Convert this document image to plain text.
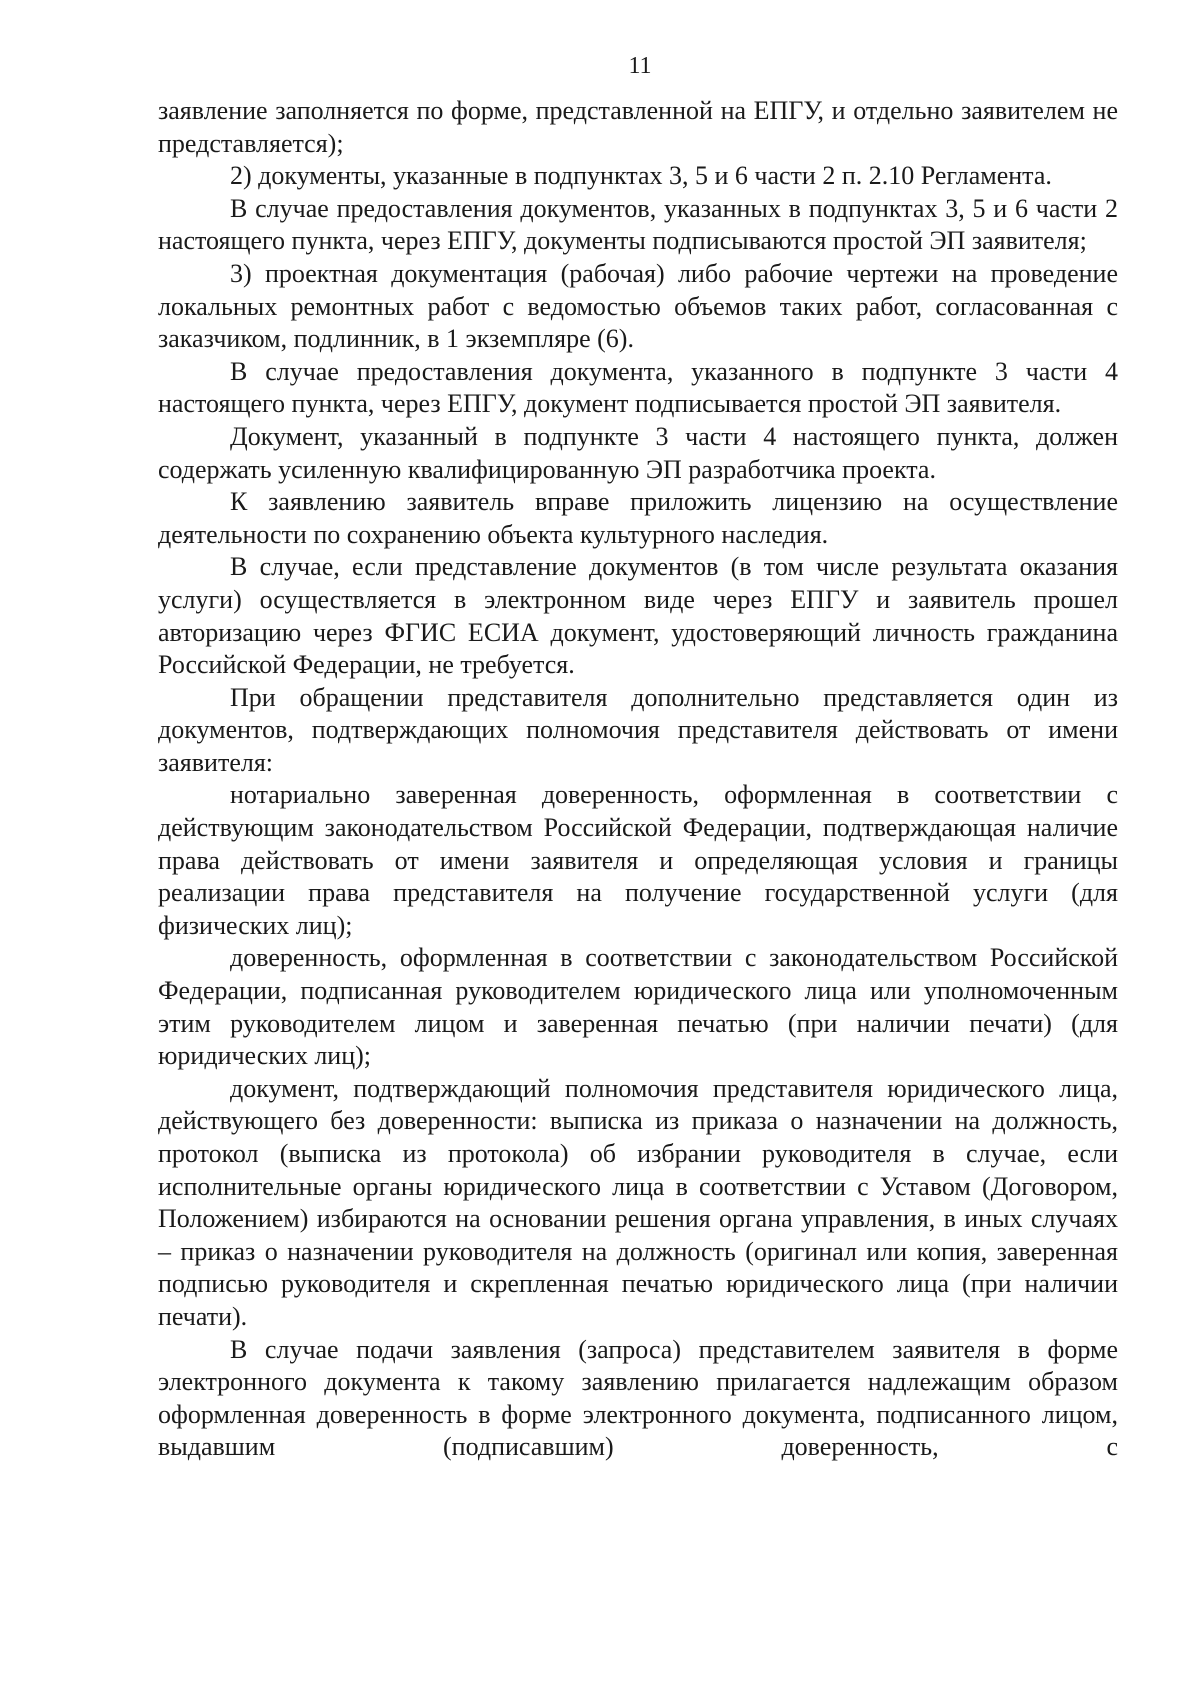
11

заявление заполняется по форме, представленной на ЕПГУ, и отдельно заявителем не представляется);

2) документы, указанные в подпунктах 3, 5 и 6 части 2 п. 2.10 Регламента.

В случае предоставления документов, указанных в подпунктах 3, 5 и 6 части 2 настоящего пункта, через ЕПГУ, документы подписываются простой ЭП заявителя;

3) проектная документация (рабочая) либо рабочие чертежи на проведение локальных ремонтных работ с ведомостью объемов таких работ, согласованная с заказчиком, подлинник, в 1 экземпляре (6).

В случае предоставления документа, указанного в подпункте 3 части 4 настоящего пункта, через ЕПГУ, документ подписывается простой ЭП заявителя.

Документ, указанный в подпункте 3 части 4 настоящего пункта, должен содержать усиленную квалифицированную ЭП разработчика проекта.

К заявлению заявитель вправе приложить лицензию на осуществление деятельности по сохранению объекта культурного наследия.

В случае, если представление документов (в том числе результата оказания услуги) осуществляется в электронном виде через ЕПГУ и заявитель прошел авторизацию через ФГИС ЕСИА документ, удостоверяющий личность гражданина Российской Федерации, не требуется.

При обращении представителя дополнительно представляется один из документов, подтверждающих полномочия представителя действовать от имени заявителя:

нотариально заверенная доверенность, оформленная в соответствии с действующим законодательством Российской Федерации, подтверждающая наличие права действовать от имени заявителя и определяющая условия и границы реализации права представителя на получение государственной услуги (для физических лиц);

доверенность, оформленная в соответствии с законодательством Российской Федерации, подписанная руководителем юридического лица или уполномоченным этим руководителем лицом и заверенная печатью (при наличии печати) (для юридических лиц);

документ, подтверждающий полномочия представителя юридического лица, действующего без доверенности: выписка из приказа о назначении на должность, протокол (выписка из протокола) об избрании руководителя в случае, если исполнительные органы юридического лица в соответствии с Уставом (Договором, Положением) избираются на основании решения органа управления, в иных случаях – приказ о назначении руководителя на должность (оригинал или копия, заверенная подписью руководителя и скрепленная печатью юридического лица (при наличии печати).

В случае подачи заявления (запроса) представителем заявителя в форме электронного документа к такому заявлению прилагается надлежащим образом оформленная доверенность в форме электронного документа, подписанного лицом, выдавшим (подписавшим) доверенность, с
